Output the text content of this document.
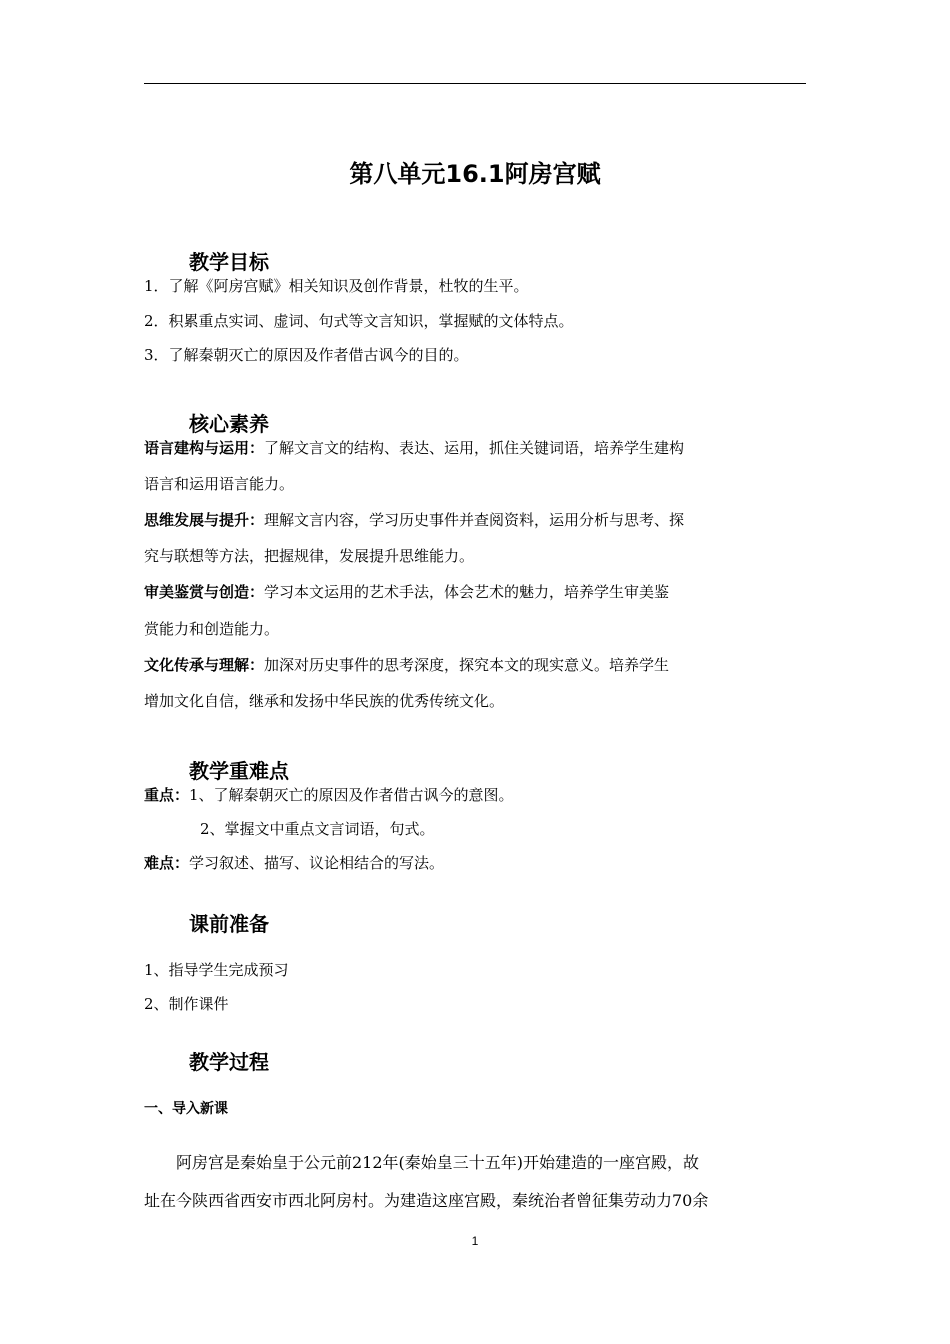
第八单元16.1阿房宫赋
教学目标
1．了解《阿房宫赋》相关知识及创作背景，杜牧的生平。
2．积累重点实词、虚词、句式等文言知识，掌握赋的文体特点。
3．了解秦朝灭亡的原因及作者借古讽今的目的。
核心素养
语言建构与运用：了解文言文的结构、表达、运用，抓住关键词语，培养学生建构
语言和运用语言能力。
思维发展与提升：理解文言内容，学习历史事件并查阅资料，运用分析与思考、探
究与联想等方法，把握规律，发展提升思维能力。
审美鉴赏与创造：学习本文运用的艺术手法，体会艺术的魅力，培养学生审美鉴
赏能力和创造能力。
文化传承与理解：加深对历史事件的思考深度，探究本文的现实意义。培养学生
增加文化自信，继承和发扬中华民族的优秀传统文化。
教学重难点
重点：1、了解秦朝灭亡的原因及作者借古讽今的意图。
2、掌握文中重点文言词语，句式。
难点：学习叙述、描写、议论相结合的写法。
课前准备
1、指导学生完成预习
2、制作课件
教学过程
一、导入新课
阿房宫是秦始皇于公元前212年(秦始皇三十五年)开始建造的一座宫殿，故
址在今陕西省西安市西北阿房村。为建造这座宫殿，秦统治者曾征集劳动力70余
1
